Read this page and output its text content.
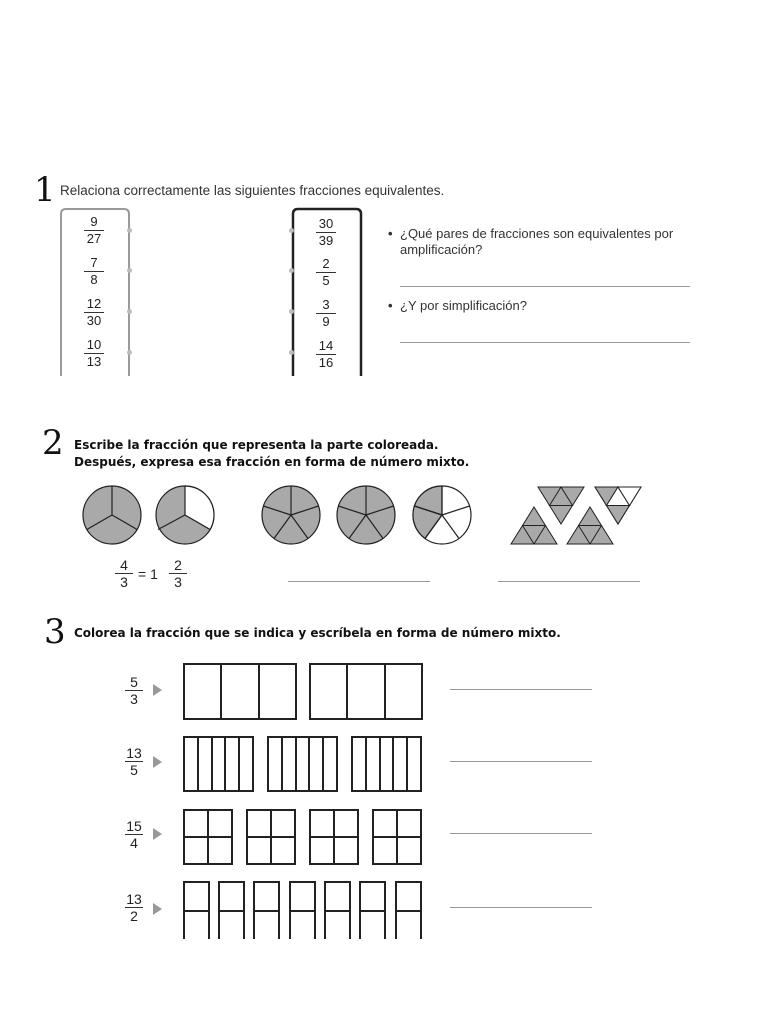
1 Relaciona correctamente las siguientes fracciones equivalentes.
9
27
7
8
12
30
10
13
30
39
2
5
3
9
14
16
• ¿Qué pares de fracciones son equivalentes por amplificación?
• ¿Y por simplificación?
2 Escribe la fracción que representa la parte coloreada.
Después, expresa esa fracción en forma de número mixto.
4
3 = 1
2
3
3 Colorea la fracción que se indica y escríbela en forma de número mixto.
5
3
13
5
15
4
13
2
